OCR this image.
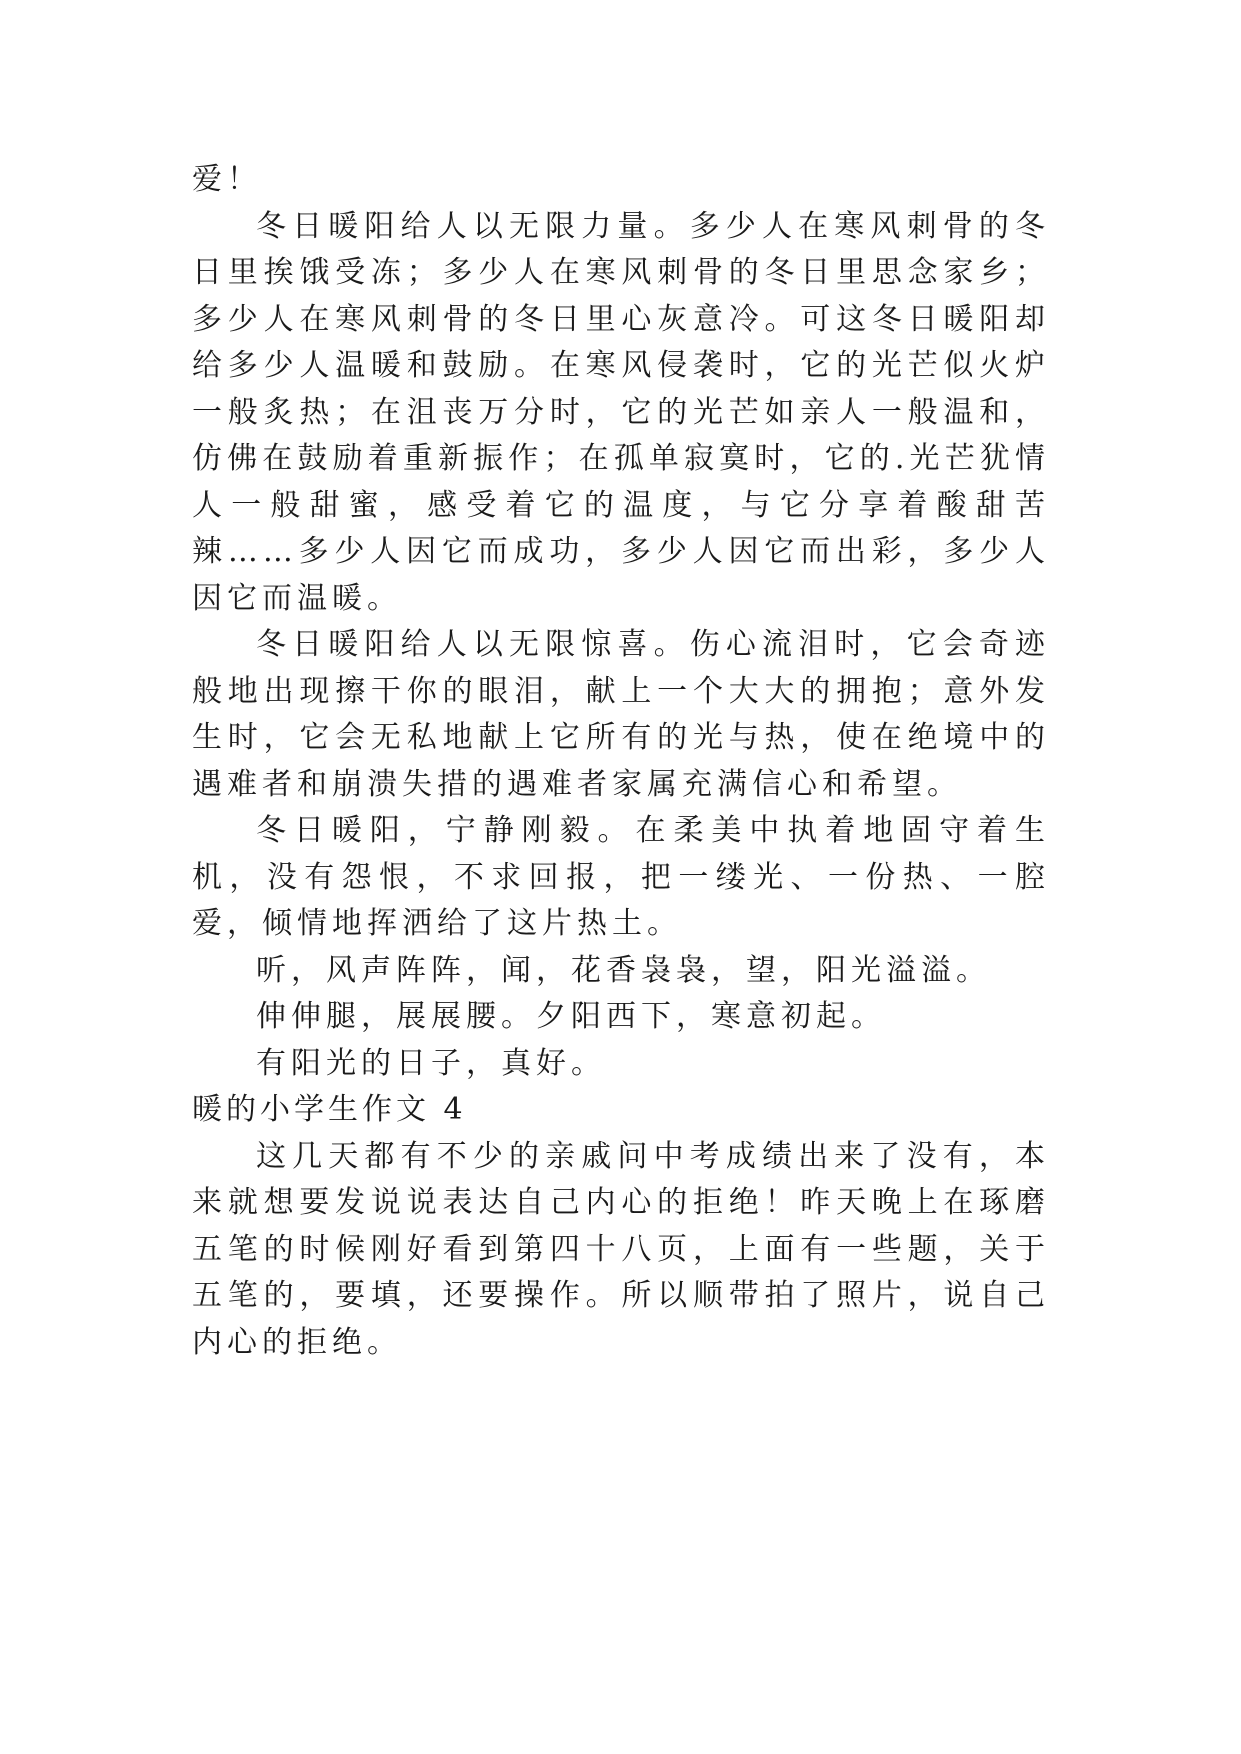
爱！

冬日暖阳给人以无限力量。多少人在寒风刺骨的冬日里挨饿受冻；多少人在寒风刺骨的冬日里思念家乡；多少人在寒风刺骨的冬日里心灰意冷。可这冬日暖阳却给多少人温暖和鼓励。在寒风侵袭时，它的光芒似火炉一般炙热；在沮丧万分时，它的光芒如亲人一般温和，仿佛在鼓励着重新振作；在孤单寂寞时，它的.光芒犹情人一般甜蜜，感受着它的温度，与它分享着酸甜苦辣……多少人因它而成功，多少人因它而出彩，多少人因它而温暖。

冬日暖阳给人以无限惊喜。伤心流泪时，它会奇迹般地出现擦干你的眼泪，献上一个大大的拥抱；意外发生时，它会无私地献上它所有的光与热，使在绝境中的遇难者和崩溃失措的遇难者家属充满信心和希望。

冬日暖阳，宁静刚毅。在柔美中执着地固守着生机，没有怨恨，不求回报，把一缕光、一份热、一腔爱，倾情地挥洒给了这片热土。

听，风声阵阵，闻，花香袅袅，望，阳光溢溢。

伸伸腿，展展腰。夕阳西下，寒意初起。

有阳光的日子，真好。

暖的小学生作文 4

这几天都有不少的亲戚问中考成绩出来了没有，本来就想要发说说表达自己内心的拒绝！昨天晚上在琢磨五笔的时候刚好看到第四十八页，上面有一些题，关于五笔的，要填，还要操作。所以顺带拍了照片，说自己内心的拒绝。
